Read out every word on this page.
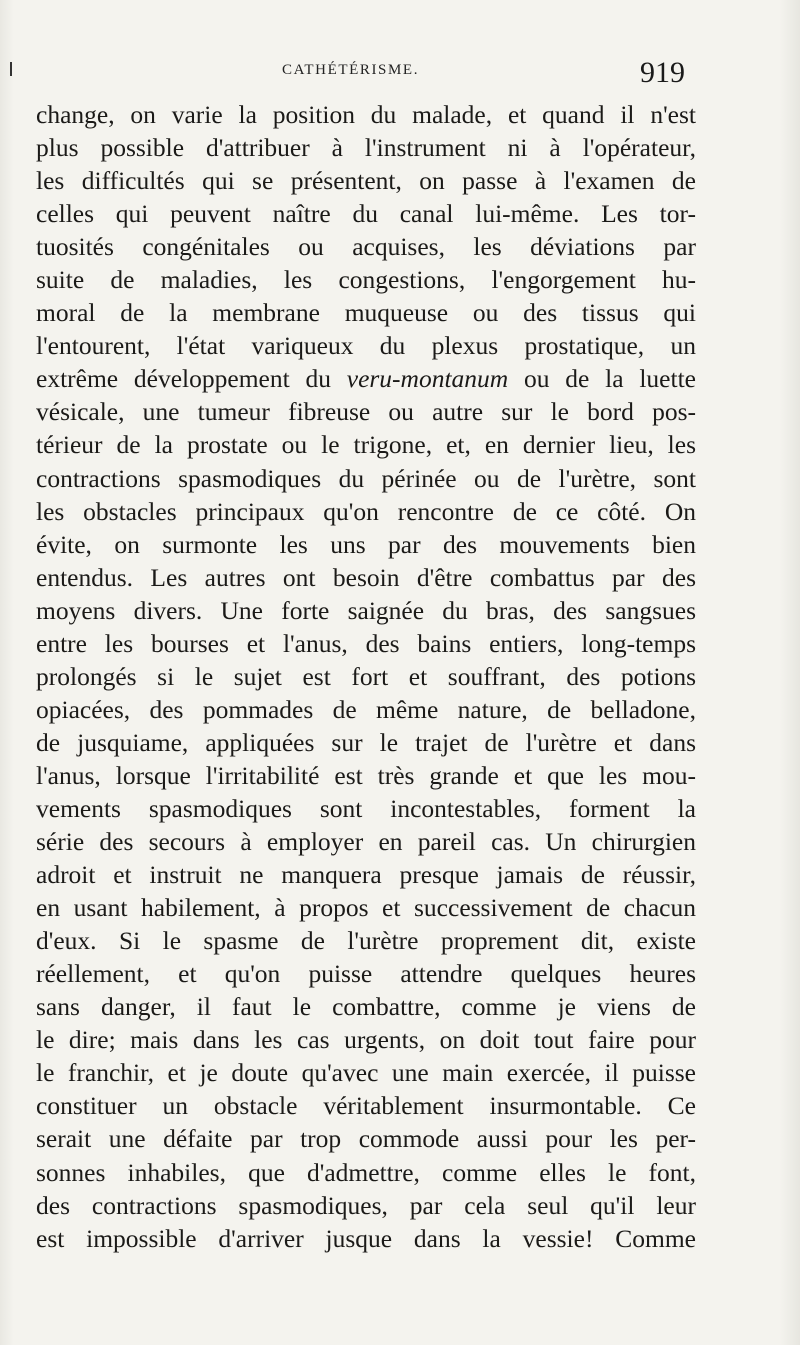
CATHÉTÉRISME.	919
change, on varie la position du malade, et quand il n'est
plus possible d'attribuer à l'instrument ni à l'opérateur,
les difficultés qui se présentent, on passe à l'examen de
celles qui peuvent naître du canal lui-même. Les tor-
tuosités congénitales ou acquises, les déviations par
suite de maladies, les congestions, l'engorgement hu-
moral de la membrane muqueuse ou des tissus qui
l'entourent, l'état variqueux du plexus prostatique, un
extrême développement du veru-montanum ou de la luette
vésicale, une tumeur fibreuse ou autre sur le bord pos-
térieur de la prostate ou le trigone, et, en dernier lieu, les
contractions spasmodiques du périnée ou de l'urètre, sont
les obstacles principaux qu'on rencontre de ce côté. On
évite, on surmonte les uns par des mouvements bien
entendus. Les autres ont besoin d'être combattus par des
moyens divers. Une forte saignée du bras, des sangsues
entre les bourses et l'anus, des bains entiers, long-temps
prolongés si le sujet est fort et souffrant, des potions
opiacées, des pommades de même nature, de belladone,
de jusquiame, appliquées sur le trajet de l'urètre et dans
l'anus, lorsque l'irritabilité est très grande et que les mou-
vements spasmodiques sont incontestables, forment la
série des secours à employer en pareil cas. Un chirurgien
adroit et instruit ne manquera presque jamais de réussir,
en usant habilement, à propos et successivement de chacun
d'eux. Si le spasme de l'urètre proprement dit, existe
réellement, et qu'on puisse attendre quelques heures
sans danger, il faut le combattre, comme je viens de
le dire; mais dans les cas urgents, on doit tout faire pour
le franchir, et je doute qu'avec une main exercée, il puisse
constituer un obstacle véritablement insurmontable. Ce
serait une défaite par trop commode aussi pour les per-
sonnes inhabiles, que d'admettre, comme elles le font,
des contractions spasmodiques, par cela seul qu'il leur
est impossible d'arriver jusque dans la vessie! Comme
